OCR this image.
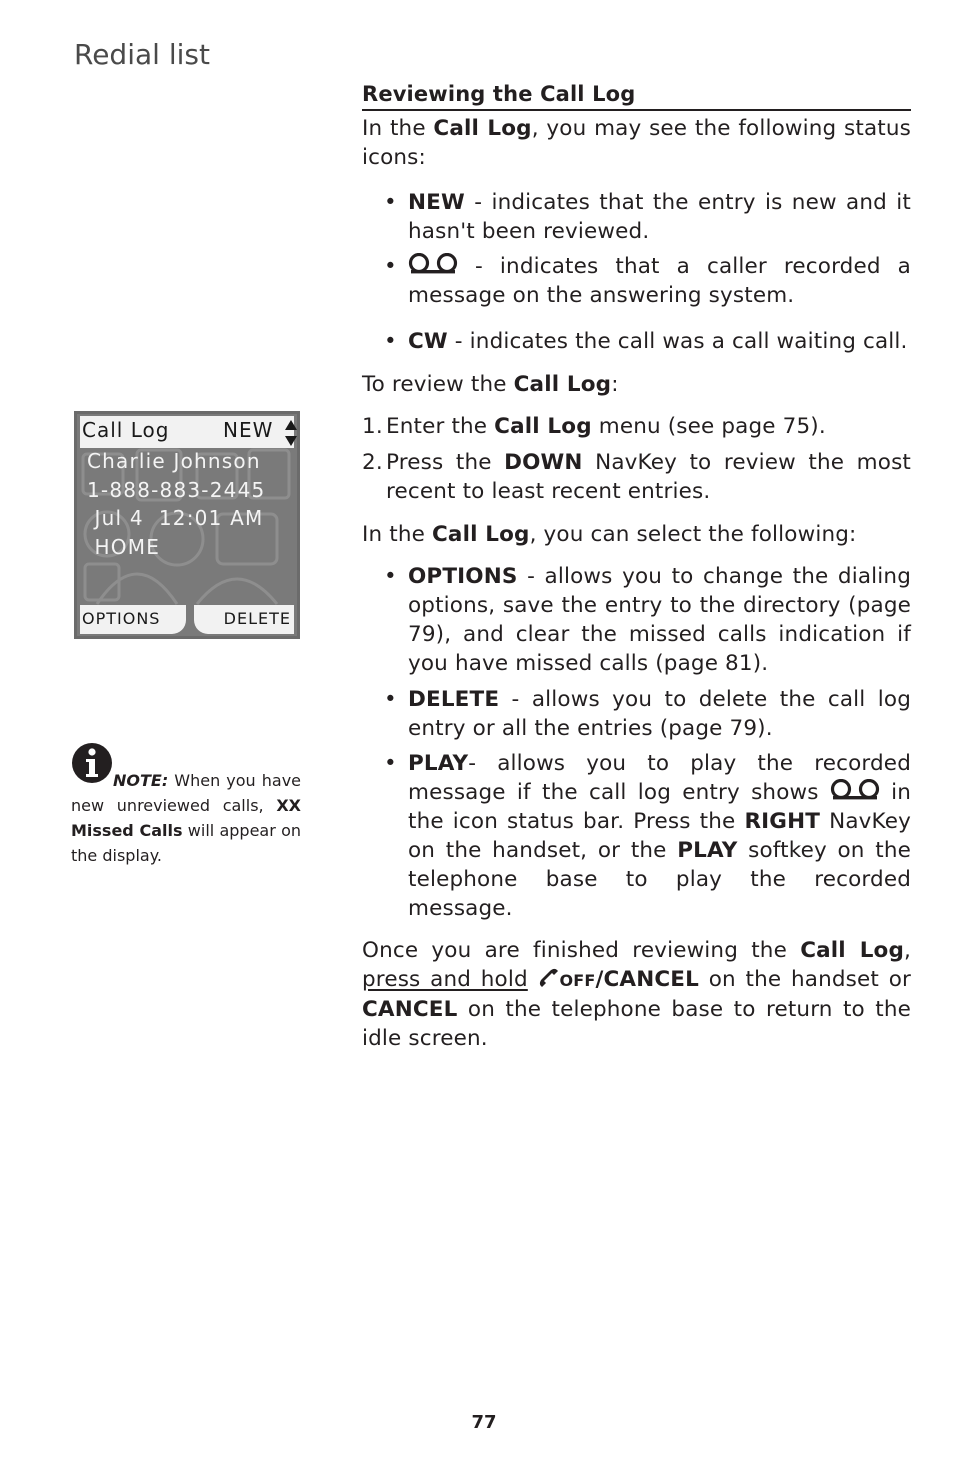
Redial list
Call Log	NEW
Charlie Johnson
1-888-883-2445
Jul 4  12:01 AM
HOME
OPTIONS	DELETE
NOTE: When you have new unreviewed calls, XX Missed Calls will appear on the display.
Reviewing the Call Log

In the Call Log, you may see the following status icons:

• NEW - indicates that the entry is new and it hasn't been reviewed.
• - indicates that a caller recorded a message on the answering system.
• CW - indicates the call was a call waiting call.

To review the Call Log:

1. Enter the Call Log menu (see page 75).
2. Press the DOWN NavKey to review the most recent to least recent entries.

In the Call Log, you can select the following:

• OPTIONS - allows you to change the dialing options, save the entry to the directory (page 79), and clear the missed calls indication if you have missed calls (page 81).
• DELETE - allows you to delete the call log entry or all the entries (page 79).
• PLAY- allows you to play the recorded message if the call log entry shows  in the icon status bar. Press the RIGHT NavKey on the handset, or the PLAY softkey on the telephone base to play the recorded message.

Once you are finished reviewing the Call Log, press and hold OFF/CANCEL on the handset or CANCEL on the telephone base to return to the idle screen.

77
